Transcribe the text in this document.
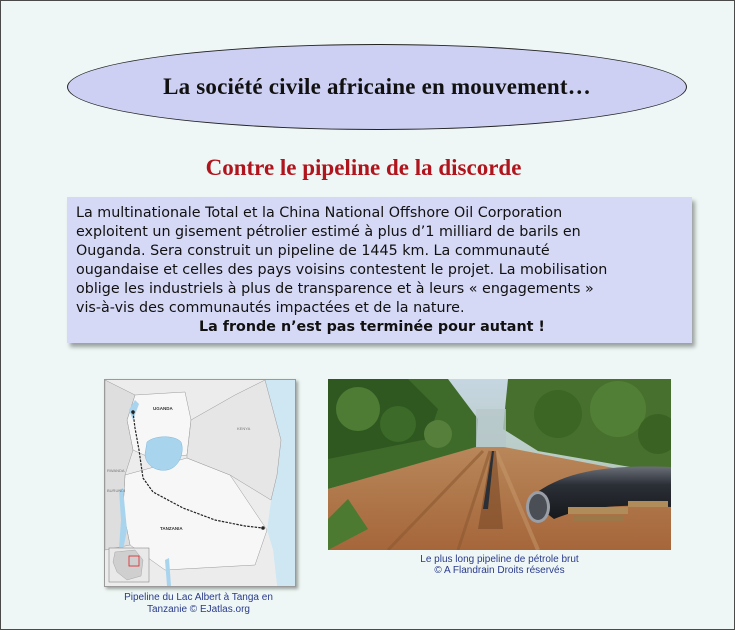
La société civile africaine en mouvement…
Contre le pipeline de la discorde

La multinationale Total et la China National Offshore Oil Corporation

exploitent un gisement pétrolier estimé à plus d’1 milliard de barils en

Ouganda. Sera construit un pipeline de 1445 km. La communauté

ougandaise et celles des pays voisins contestent le projet. La mobilisation

oblige les industriels à plus de transparence et à leurs « engagements »

vis-à-vis des communautés impactées et de la nature.

La fronde n’est pas terminée pour autant !

UGANDA
KENYA
TANZANIA
RWANDA
BURUNDI
Pipeline du Lac Albert à Tanga en
Tanzanie © EJatlas.org
Le plus long pipeline de pétrole brut
© A Flandrain Droits réservés
